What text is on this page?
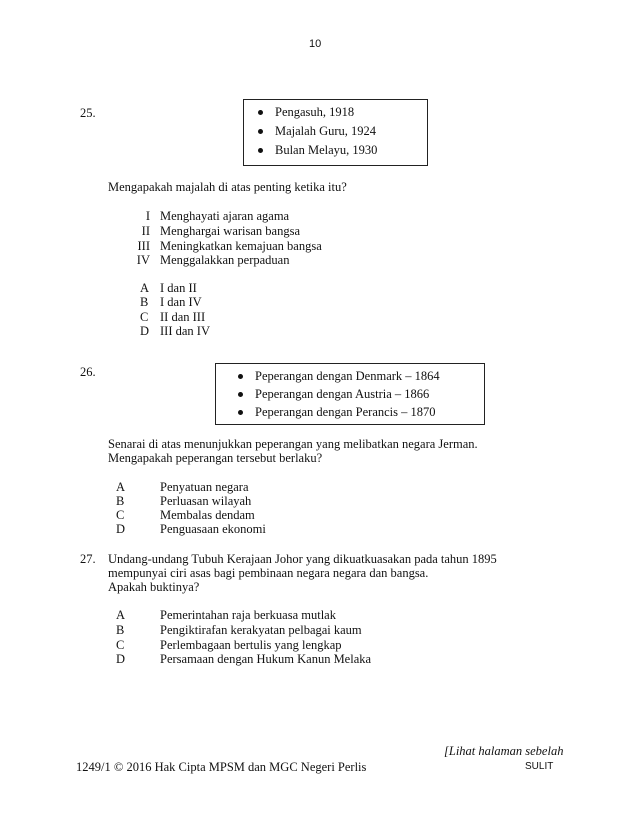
10
25.	Pengasuh, 1918
Majalah Guru, 1924
Bulan Melayu, 1930
Mengapakah majalah di atas penting ketika itu?
I Menghayati ajaran agama
II Menghargai warisan bangsa
III Meningkatkan kemajuan bangsa
IV Menggalakkan perpaduan
A I dan II
B I dan IV
C II dan III
D III dan IV
26.	Peperangan dengan Denmark – 1864
Peperangan dengan Austria – 1866
Peperangan dengan Perancis – 1870
Senarai di atas menunjukkan peperangan yang melibatkan negara Jerman.
Mengapakah peperangan tersebut berlaku?
A	Penyatuan negara
B	Perluasan wilayah
C	Membalas dendam
D	Penguasaan ekonomi
27. Undang-undang Tubuh Kerajaan Johor yang dikuatkuasakan pada tahun 1895
mempunyai ciri asas bagi pembinaan negara negara dan bangsa.
Apakah buktinya?
A	Pemerintahan raja berkuasa mutlak
B	Pengiktirafan kerakyatan pelbagai kaum
C	Perlembagaan bertulis yang lengkap
D	Persamaan dengan Hukum Kanun Melaka
[Lihat halaman sebelah
1249/1 © 2016 Hak Cipta MPSM dan MGC Negeri Perlis	SULIT
